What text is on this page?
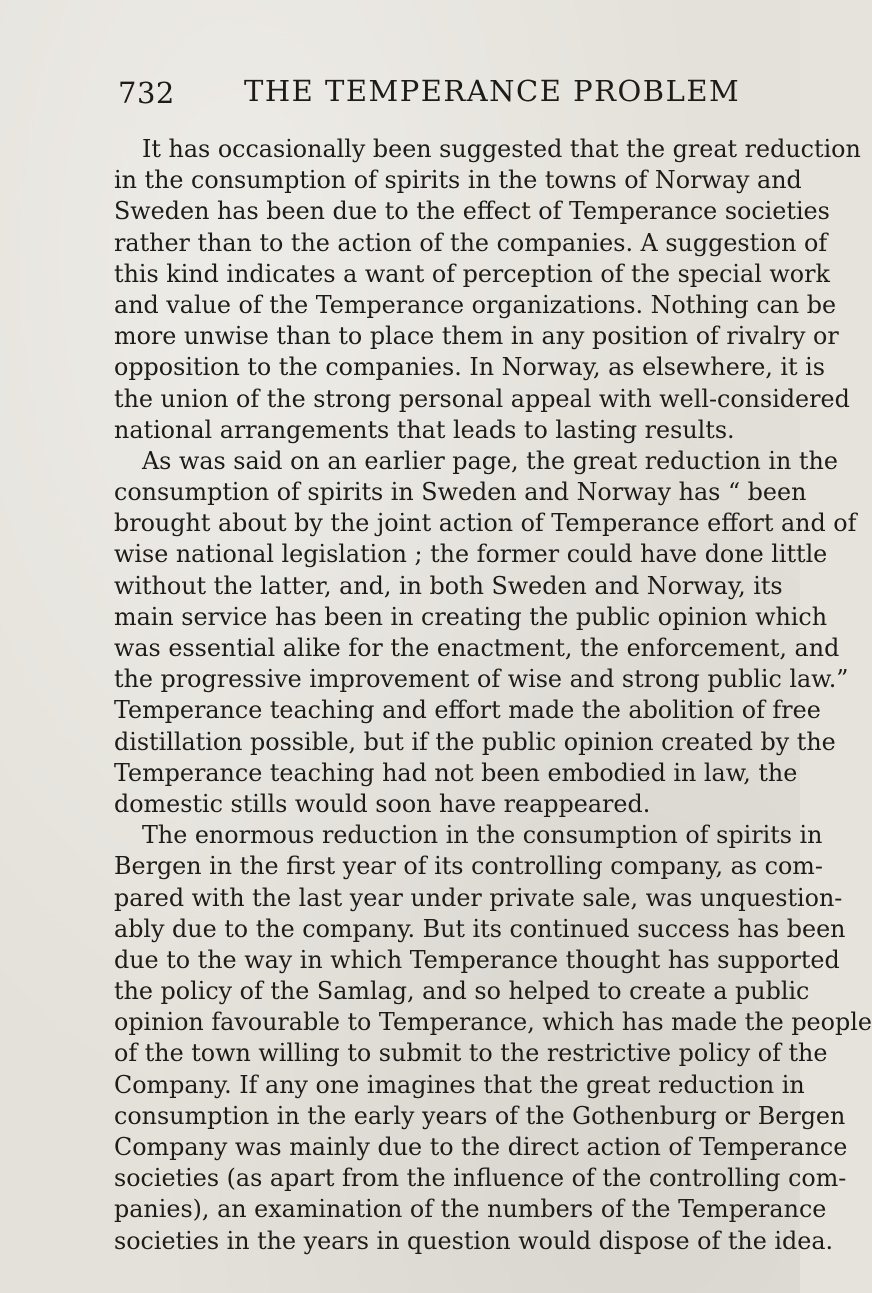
732 THE TEMPERANCE PROBLEM
It has occasionally been suggested that the great reduction
in the consumption of spirits in the towns of Norway and
Sweden has been due to the effect of Temperance societies
rather than to the action of the companies. A suggestion of
this kind indicates a want of perception of the special work
and value of the Temperance organizations. Nothing can be
more unwise than to place them in any position of rivalry or
opposition to the companies. In Norway, as elsewhere, it is
the union of the strong personal appeal with well-considered
national arrangements that leads to lasting results.
As was said on an earlier page, the great reduction in the
consumption of spirits in Sweden and Norway has “ been
brought about by the joint action of Temperance effort and of
wise national legislation ; the former could have done little
without the latter, and, in both Sweden and Norway, its
main service has been in creating the public opinion which
was essential alike for the enactment, the enforcement, and
the progressive improvement of wise and strong public law.”
Temperance teaching and effort made the abolition of free
distillation possible, but if the public opinion created by the
Temperance teaching had not been embodied in law, the
domestic stills would soon have reappeared.
The enormous reduction in the consumption of spirits in
Bergen in the first year of its controlling company, as com-
pared with the last year under private sale, was unquestion-
ably due to the company. But its continued success has been
due to the way in which Temperance thought has supported
the policy of the Samlag, and so helped to create a public
opinion favourable to Temperance, which has made the people
of the town willing to submit to the restrictive policy of the
Company. If any one imagines that the great reduction in
consumption in the early years of the Gothenburg or Bergen
Company was mainly due to the direct action of Temperance
societies (as apart from the influence of the controlling com-
panies), an examination of the numbers of the Temperance
societies in the years in question would dispose of the idea.
